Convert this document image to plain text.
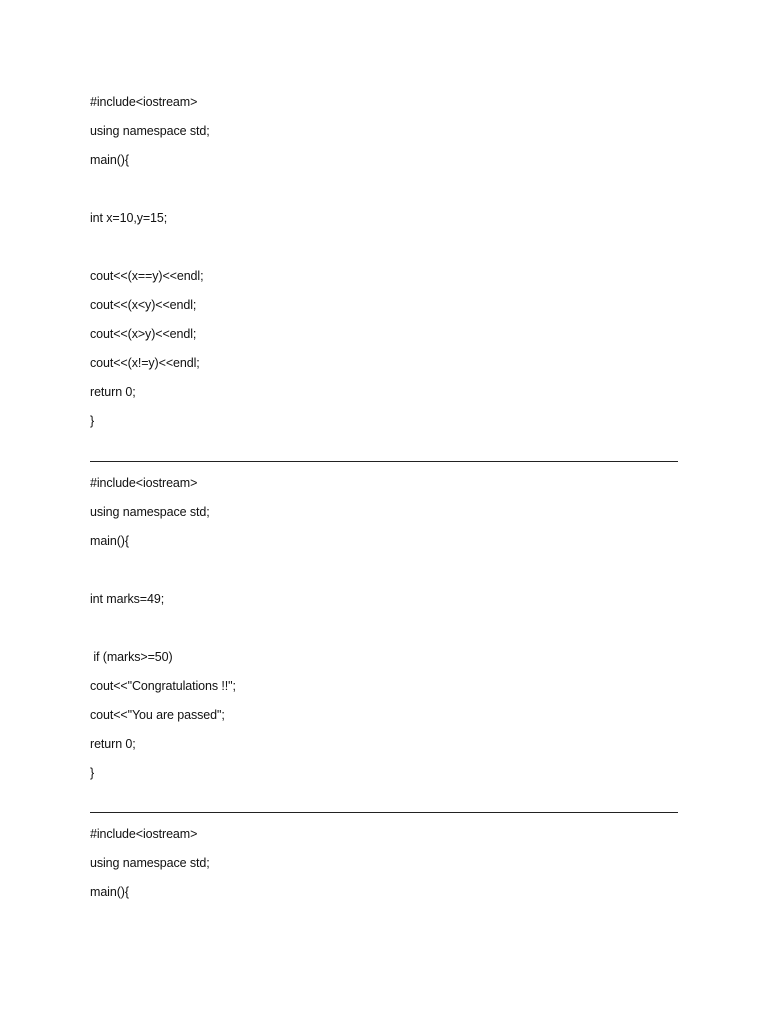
#include<iostream>
using namespace std;
main(){
int x=10,y=15;
cout<<(x==y)<<endl;
cout<<(x<y)<<endl;
cout<<(x>y)<<endl;
cout<<(x!=y)<<endl;
return 0;
}
#include<iostream>
using namespace std;
main(){
int marks=49;
if (marks>=50)
cout<<"Congratulations !!";
cout<<"You are passed";
return 0;
}
#include<iostream>
using namespace std;
main(){
